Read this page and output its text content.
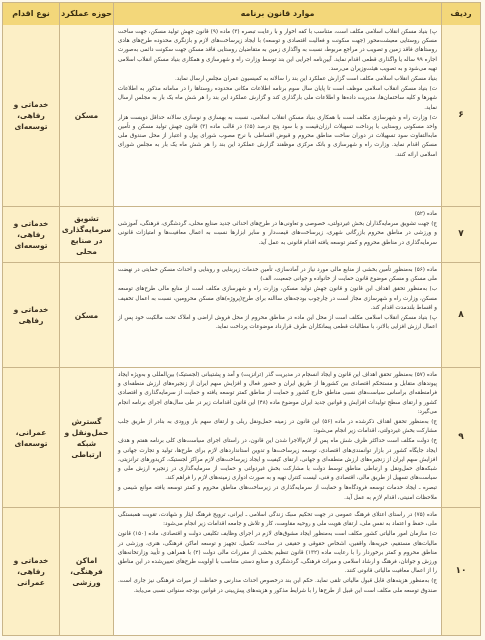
ردیف
موارد قانون برنامه
حوزه عملکرد
نوع اقدام
۶

پ) بنیاد مسکن انقلاب اسلامی مکلف است، متناسب با کفه اخوار و با رعایت تبصره (۳) ماده (۹) قانون جهش تولید مسکن، جهت ساخت مسکن روستایی معیشت‌محور (جهت سکونت و فعالیت اقتصادی و توسعه) با ایجاد زیرساخت‌های لازم و بازنگری محدوده طرح‌های هادی روستاهای فاقد زمین و تصویب در مراجع مربوط، نسبت به واگذاری زمین به متقاضیان روستایی فاقد مسکن جهت سکونت دائمی به‌صورت اجاره ۹۹ ساله یا واگذاری قطعی اقدام نماید. آیین‌نامه اجرایی این بند توسط وزارت راه و شهرسازی و همکاری بنیاد مسکن انقلاب اسلامی تهیه می‌شود و به تصویب هیئت‌وزیران می‌رسد.

بنیاد مسکن انقلاب اسلامی مکلف است گزارش عملکرد این بند را سالانه به کمیسیون عمران مجلس ارسال نماید.

ت) بنیاد مسکن انقلاب اسلامی موظف است تا پایان سال سوم برنامه اطلاعات مکانی محدوده روستاها را در سامانه مذکور به اطلاعات شهرها و کلیه ساختمان‌ها، مدیریت داده‌ها و اطلاعات ملی بارگذاری کند و گزارش عملکرد این بند را هر شش ماه یک بار به مجلس ارسال نماید.

ث) وزارت راه و شهرسازی مکلف است با همکاری بنیاد مسکن انقلاب اسلامی، نسبت به بهسازی و نوسازی سالانه حداقل دویست هزار واحد مسکونی روستایی با پرداخت تسهیلات ارزان‌قیمت و با سود پنج درصد (۵٪) در قالب ماده (۳) قانون جهش تولید مسکن و تأمین مابه‌التفاوت سود تسهیلات در دوران ساخت مناطق محروم و قبوض اقساطی با نرخ مصوب شورای پول و اعتبار از محل صندوق ملی مسکن اقدام نماید. وزارت راه و شهرسازی و بانک مرکزی موظفند گزارش عملکرد این بند را هر شش ماه یک بار به مجلس شورای اسلامی ارائه کنند.

مسکن
خدماتی و رفاهی، توسعه‌ای
۷

ماده (۵۲)

ج) جهت تشویق سرمایه‌گذاران بخش غیردولتی، خصوصی و تعاونی‌ها در طرح‌های احداثی جدید صنایع محلی، گردشگری، فرهنگی، آموزشی و ورزشی در مناطق محروم بازرگانی شهری، زیرساخت‌های قیمت‌دار و سایر ابزارها نسبت به اعمال معافیت‌ها و امتیازات قانونی سرمایه‌گذاری در مناطق محروم و کمتر توسعه یافته اقدام قانونی به عمل آید.

تشویق سرمایه‌گذاری در صنایع محلی
خدماتی و رفاهی، توسعه‌ای
۸

ماده (۵۶) به‌منظور تأمین بخشی از منابع مالی مورد نیاز در آمادسازی، تأمین خدمات زیربنایی و روبنایی و احداث مسکن حمایتی در نهضت ملی مسکن و مسکن موضوع قانون حمایت از خانواده و جوانی جمعیت، الف)

ب) به‌منظور تحقق اهداف این قانون و قانون جهش تولید مسکن، وزارت راه و شهرسازی مکلف است از منابع مالی طرح‌های توسعه مسکن، وزارت راه و شهرسازی مجاز است در چارچوب بودجه‌های ساالنه برای طرح(پروژه)های مسکن محرومین، نسبت به اعمال تخفیف و اقساط بلندمدت اقدام کند.

پ) بنیاد مسکن انقلاب اسلامی مکلف است از محل این ماده در مناطق محروم از محل فروش اراضی و املاک تحت مالکیت خود پس از اعمال ارزش افزایی بالاتر، با مطالبات قطعی پیمانکاران طرف قرارداد موضوعات پرداخت نماید.

مسکن
خدماتی و رفاهی
۹

ماده (۵۷) به‌منظور تحقق اهداف این قانون و ایجاد انسجام در مدیریت گذر (ترانزیت) و آمد و پشتیبانی (لجستیک) بین‌المللی و به‌ویژه ایجاد پیوندهای متقابل و مستحکم اقتصادی بین کشورها از طریق ایران و حضور فعال و افزایش سهم ایران از زنجیره‌های ارزش منطقه‌ای و فرامنطقه‌ای براساس سیاست‌های نسبی مناطق خارج کشور و حمایت از مناطق کمتر توسعه یافته و حمایت از سرمایه‌گذاری و اقتصادی کشور و ارتقای سطح تولیدات افزایش و قوانین جدید ایران موضوع ماده (۴۸) این قانون اقدامات زیر در طی سال‌های اجرای برنامه انجام می‌گیرد:

ج) به‌منظور تحقق اهداف ذکرشده در ماده (۵۶) این قانون در زمینه حمل‌ونقل ریلی و ارتقای سهم بار ورودی به بنادر از طریق جلب مشارکت بخش غیردولتی، اقدامات زیر انجام می‌شود:

خ) دولت مکلف است حداکثر ظرف شش ماه پس از لازم‌الاجرا شدن این قانون، در راستای اجرای سیاست‌های کلی برنامه هفتم و هدف ایجاد جایگاه کشور در بازار توانمندی‌های اقتصادی، توسعه زیرساخت‌ها و تدوین استانداردهای لازم برای طرح‌ها، تولید و تجارت جهانی و افزایش سهم ایران از زنجیره‌های ارزش منطقه‌ای و جهانی، ارتقای کیفیت و ایجاد زیرساخت‌های لازم مراکز لجستیک، کریدورهای ترانزیتی، شبکه‌های حمل‌ونقل و ارتباطی مناطق توسط دولت با مشارکت بخش غیردولتی و حمایت از سرمایه‌گذاری در زنجیره ارزش ملی و سیاست‌های تسهیل از طریق مالی، اقتصادی و فنی، لیست کنترل تهیه و به صورت ادواری زمینه‌های لازم را فراهم کند.

تبصره ـ ایجاد خدمات توسعه فرودگاه‌ها و حمایت از سرمایه‌گذاری در زیرساخت‌های مناطق محروم و کمتر توسعه یافته موانع شیمی و ملاحظات امنیتی، اقدام لازم به عمل آید.

گسترش حمل‌ونقل و شبکه ارتباطی
عمرانی، توسعه‌ای
۱۰

ماده (۷۵) در راستای اعتلای فرهنگ عمومی در جهت تحکیم سبک زندگی اسلامی ـ ایرانی، ترویج فرهنگ ایثار و شهادت، تقویت همبستگی ملی، حفظ و اعتماد به نفس ملی، ارتقای هویت ملی و روحیه مقاومت، کار و تلاش و جامعه اقدامات زیر انجام می‌شود:

ث) سازمان امور مالیاتی کشور مکلف است به‌منظور ایجاد مشوق‌های لازم در اجرای وظایف تکلیفی دولت و اقتصادی، ماده (۱۵۰) قانون مالیات‌های مستقیم، خیریه‌ها، واقفین، اشخاص حقوقی و حقیقی در ساخت، تکمیل، تجهیز و توسعه اماکن فرهنگی، هنری، ورزشی در مناطق محروم و کمتر برخوردار را با رعایت ماده (۱۳۲) قانون تنظیم بخشی از مقررات مالی دولت (۲) با همراهی و تأیید وزارتخانه‌های ورزش و جوانان، فرهنگ و ارشاد اسلامی و میراث فرهنگی، گردشگری و صنایع دستی متناسب با اولویت طرح‌های تعیین‌شده در این مناطق را از اعمال معافیت مالیاتی قانونی کنند.

ج) به‌منظور هزینه‌های قابل قبول مالیاتی تلقی نماید. حکم این بند درخصوص احداث مدارس و حفاظت از میراث فرهنگی نیز جاری است. صندوق توسعه ملی مکلف است این قبیل از طرح‌ها را با شرایط مذکور و هزینه‌های پیش‌بینی در قوانین بودجه سنواتی نسبی می‌یابد.

اماکن فرهنگی، ورزشی
خدماتی و رفاهی، عمرانی
